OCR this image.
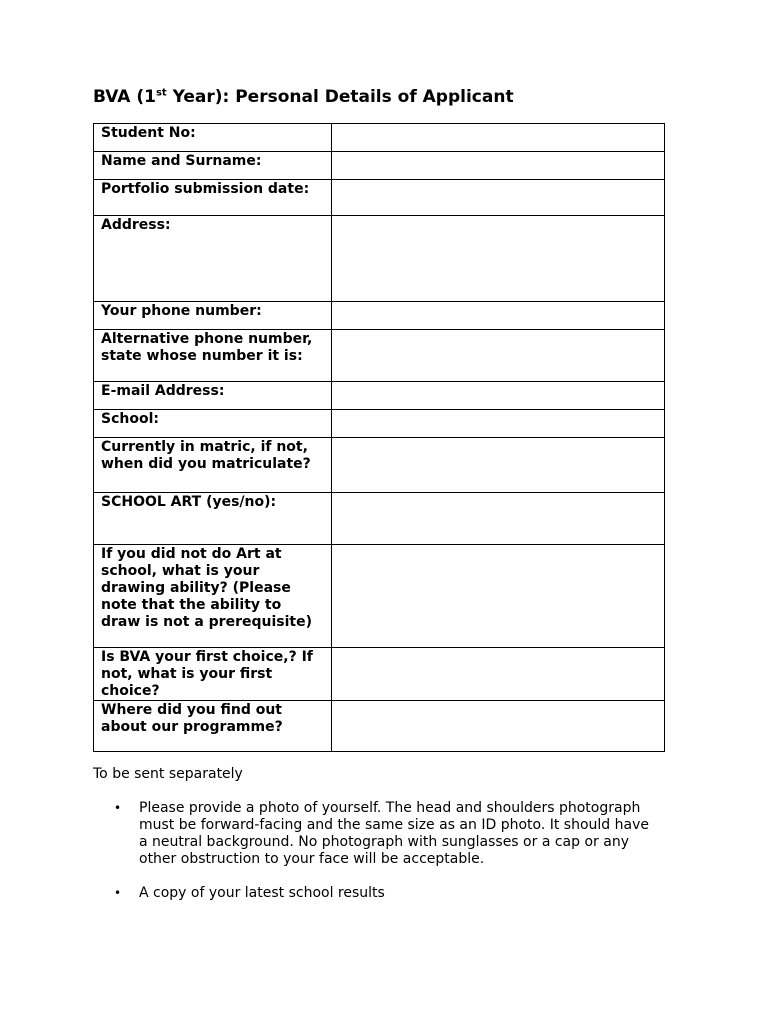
BVA (1st Year): Personal Details of Applicant
Student No:	
Name and Surname:	
Portfolio submission date:	
Address:	
Your phone number:	
Alternative phone number, state whose number it is:	
E-mail Address:	
School:	
Currently in matric, if not, when did you matriculate?	
SCHOOL ART (yes/no):	
If you did not do Art at school, what is your drawing ability? (Please note that the ability to draw is not a prerequisite)	
Is BVA your first choice,? If not, what is your first choice?	
Where did you find out about our programme?	
To be sent separately
• Please provide a photo of yourself. The head and shoulders photograph must be forward-facing and the same size as an ID photo. It should have a neutral background. No photograph with sunglasses or a cap or any other obstruction to your face will be acceptable.
• A copy of your latest school results
